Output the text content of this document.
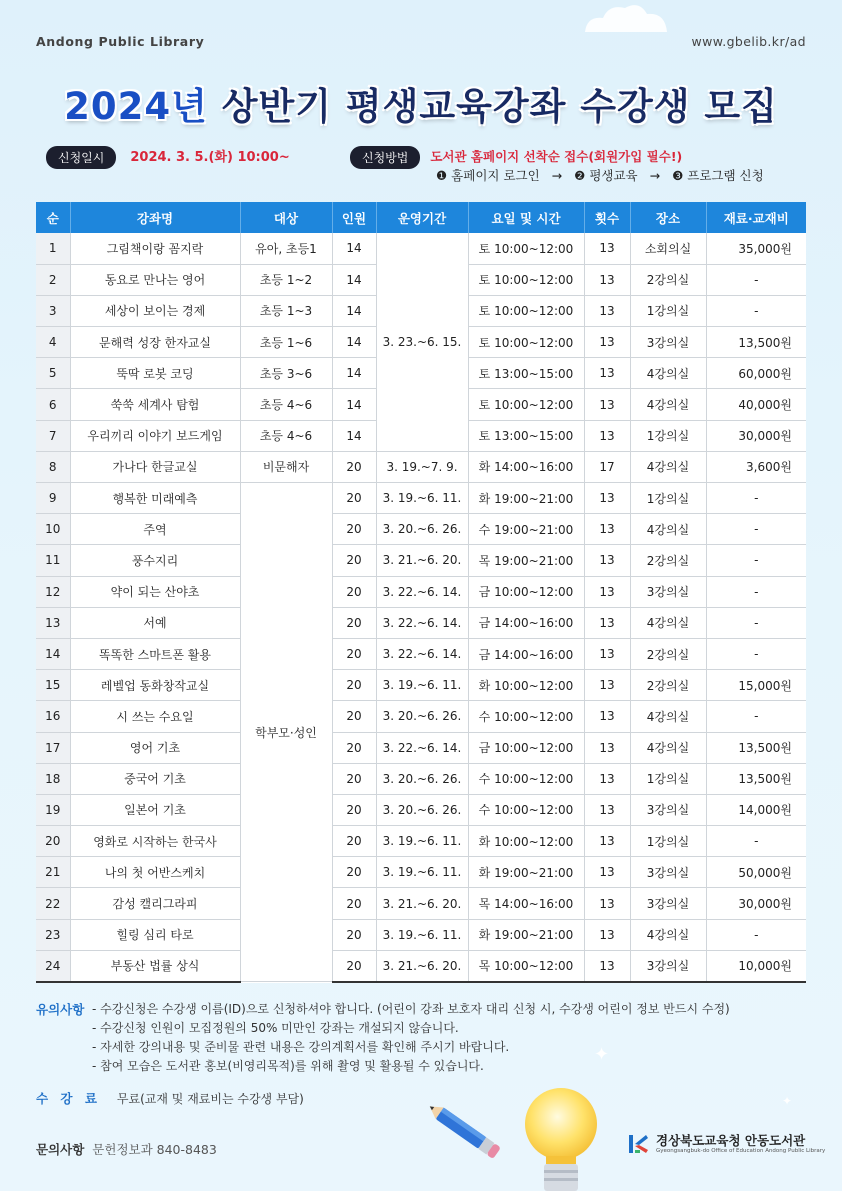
Andong Public Library	www.gbelib.kr/ad
2024년 상반기 평생교육강좌 수강생 모집
신청일시 2024. 3. 5.(화) 10:00~	신청방법 도서관 홈페이지 선착순 접수(회원가입 필수!)
❶ 홈페이지 로그인 → ❷ 평생교육 → ❸ 프로그램 신청
순	강좌명	대상	인원	운영기간	요일 및 시간	횟수	장소	재료·교재비
1	그림책이랑 꼼지락	유아, 초등1	14	3. 23.~6. 15.	토 10:00~12:00	13	소회의실	35,000원
2	동요로 만나는 영어	초등 1~2	14		토 10:00~12:00	13	2강의실	-
3	세상이 보이는 경제	초등 1~3	14		토 10:00~12:00	13	1강의실	-
4	문해력 성장 한자교실	초등 1~6	14		토 10:00~12:00	13	3강의실	13,500원
5	뚝딱 로봇 코딩	초등 3~6	14		토 13:00~15:00	13	4강의실	60,000원
6	쑥쑥 세계사 탐험	초등 4~6	14		토 10:00~12:00	13	4강의실	40,000원
7	우리끼리 이야기 보드게임	초등 4~6	14		토 13:00~15:00	13	1강의실	30,000원
8	가나다 한글교실	비문해자	20	3. 19.~7. 9.	화 14:00~16:00	17	4강의실	3,600원
9	행복한 미래예측	학부모·성인	20	3. 19.~6. 11.	화 19:00~21:00	13	1강의실	-
10	주역		20	3. 20.~6. 26.	수 19:00~21:00	13	4강의실	-
11	풍수지리		20	3. 21.~6. 20.	목 19:00~21:00	13	2강의실	-
12	약이 되는 산야초		20	3. 22.~6. 14.	금 10:00~12:00	13	3강의실	-
13	서예		20	3. 22.~6. 14.	금 14:00~16:00	13	4강의실	-
14	똑똑한 스마트폰 활용		20	3. 22.~6. 14.	금 14:00~16:00	13	2강의실	-
15	레벨업 동화창작교실		20	3. 19.~6. 11.	화 10:00~12:00	13	2강의실	15,000원
16	시 쓰는 수요일		20	3. 20.~6. 26.	수 10:00~12:00	13	4강의실	-
17	영어 기초		20	3. 22.~6. 14.	금 10:00~12:00	13	4강의실	13,500원
18	중국어 기초		20	3. 20.~6. 26.	수 10:00~12:00	13	1강의실	13,500원
19	일본어 기초		20	3. 20.~6. 26.	수 10:00~12:00	13	3강의실	14,000원
20	영화로 시작하는 한국사		20	3. 19.~6. 11.	화 10:00~12:00	13	1강의실	-
21	나의 첫 어반스케치		20	3. 19.~6. 11.	화 19:00~21:00	13	3강의실	50,000원
22	감성 캘리그라피		20	3. 21.~6. 20.	목 14:00~16:00	13	3강의실	30,000원
23	힐링 심리 타로		20	3. 19.~6. 11.	화 19:00~21:00	13	4강의실	-
24	부동산 법률 상식		20	3. 21.~6. 20.	목 10:00~12:00	13	3강의실	10,000원
유의사항 - 수강신청은 수강생 이름(ID)으로 신청하셔야 합니다. (어린이 강좌 보호자 대리 신청 시, 수강생 어린이 정보 반드시 수정)
- 수강신청 인원이 모집정원의 50% 미만인 강좌는 개설되지 않습니다.
- 자세한 강의내용 및 준비물 관련 내용은 강의계획서를 확인해 주시기 바랍니다.
- 참여 모습은 도서관 홍보(비영리목적)를 위해 촬영 및 활용될 수 있습니다.
수 강 료 무료(교재 및 재료비는 수강생 부담)
문의사항 문헌정보과 840-8483
✦
✦
경상북도교육청 안동도서관
Gyeongsangbuk-do Office of Education Andong Public Library
